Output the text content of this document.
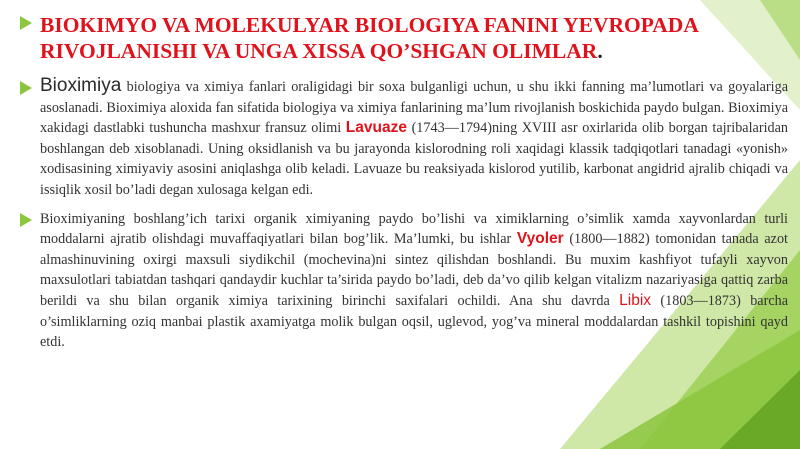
BIOKIMYO VA MOLEKULYAR BIOLOGIYA FANINI YEVROPADA RIVOJLANISHI VA UNGA XISSA QO’SHGAN OLIMLAR.

Bioximiya biologiya va ximiya fanlari oraligidagi bir soxa bulganligi uchun, u shu ikki fanning ma’lumotlari va goyalariga asoslanadi. Bioximiya aloxida fan sifatida biologiya va ximiya fanlarining ma’lum rivojlanish boskichida paydo bulgan. Bioximiya xakidagi dastlabki tushuncha mashxur fransuz olimi Lavuaze (1743—1794)ning XVIII asr oxirlarida olib borgan tajribalaridan boshlangan deb xisoblanadi. Uning oksidlanish va bu jarayonda kislorodning roli xaqidagi klassik tadqiqotlari tanadagi «yonish» xodisasining ximiyaviy asosini aniqlashga olib keladi. Lavuaze bu reaksiyada kislorod yutilib, karbonat angidrid ajralib chiqadi va issiqlik xosil bo’ladi degan xulosaga kelgan edi.

Bioximiyaning boshlang’ich tarixi organik ximiyaning paydo bo’lishi va ximiklarning o’simlik xamda xayvonlardan turli moddalarni ajratib olishdagi muvaffaqiyatlari bilan bog’lik. Ma’lumki, bu ishlar Vyoler (1800—1882) tomonidan tanada azot almashinuvining oxirgi maxsuli siydikchil (mochevina)ni sintez qilishdan boshlandi. Bu muxim kashfiyot tufayli xayvon maxsulotlari tabiatdan tashqari qandaydir kuchlar ta’sirida paydo bo’ladi, deb da’vo qilib kelgan vitalizm nazariyasiga qattiq zarba berildi va shu bilan organik ximiya tarixining birinchi saxifalari ochildi. Ana shu davrda Libix (1803—1873) barcha o’simliklarning oziq manbai plastik axamiyatga molik bulgan oqsil, uglevod, yog’va mineral moddalardan tashkil topishini qayd etdi.
